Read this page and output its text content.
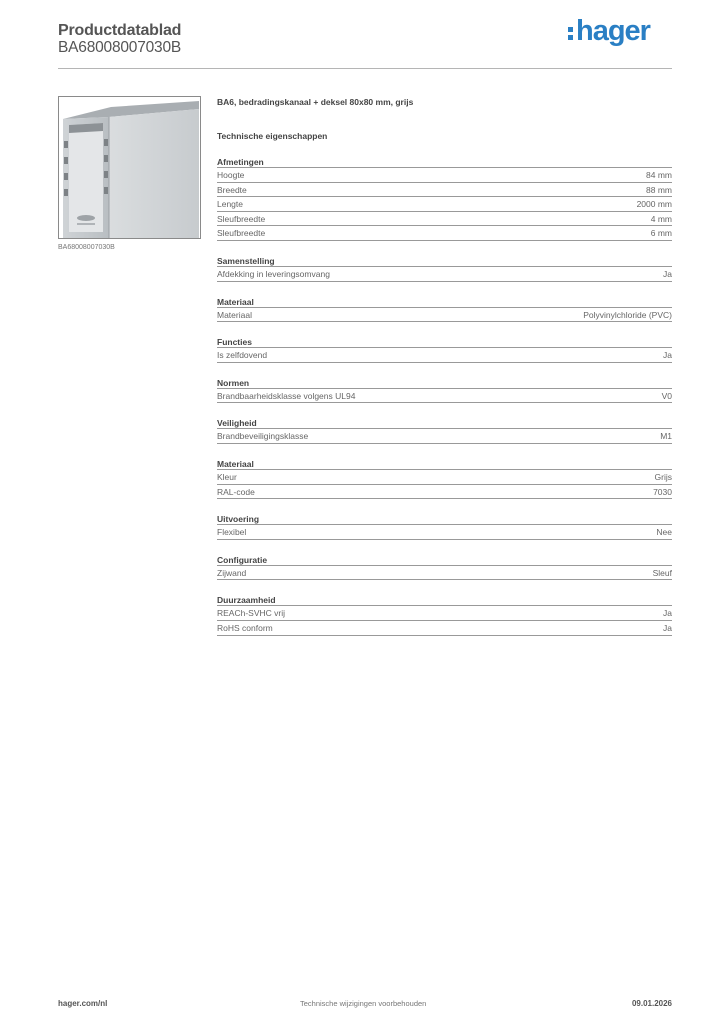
Productdatablad
BA68008007030B
hager
BA68008007030B
BA6, bedradingskanaal + deksel 80x80 mm, grijs
Technische eigenschappen
Afmetingen
Hoogte	84 mm
Breedte	88 mm
Lengte	2000 mm
Sleufbreedte	4 mm
Sleufbreedte	6 mm
Samenstelling
Afdekking in leveringsomvang	Ja
Materiaal
Materiaal	Polyvinylchloride (PVC)
Functies
Is zelfdovend	Ja
Normen
Brandbaarheidsklasse volgens UL94	V0
Veiligheid
Brandbeveiligingsklasse	M1
Materiaal
Kleur	Grijs
RAL-code	7030
Uitvoering
Flexibel	Nee
Configuratie
Zijwand	Sleuf
Duurzaamheid
REACh-SVHC vrij	Ja
RoHS conform	Ja
hager.com/nl	Technische wijzigingen voorbehouden	09.01.2026
